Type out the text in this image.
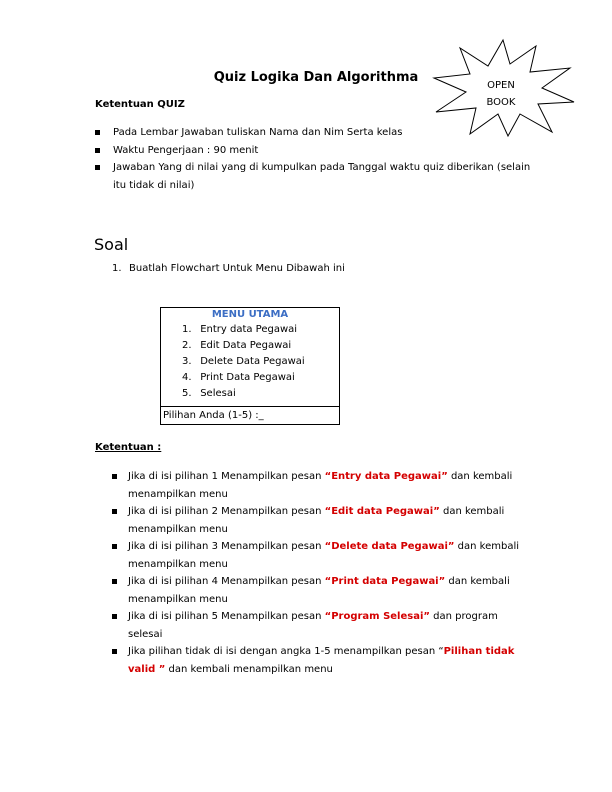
Quiz Logika Dan Algorithma
OPEN
BOOK
Ketentuan QUIZ
Pada Lembar Jawaban tuliskan Nama dan Nim Serta kelas
Waktu Pengerjaan : 90 menit
Jawaban Yang di nilai yang di kumpulkan pada Tanggal waktu quiz diberikan (selain itu tidak di nilai)
Soal
1. Buatlah Flowchart Untuk Menu Dibawah ini
MENU UTAMA
1. Entry data Pegawai
2. Edit Data Pegawai
3. Delete Data Pegawai
4. Print Data Pegawai
5. Selesai
Pilihan Anda (1-5) :_
Ketentuan :
Jika di isi pilihan 1 Menampilkan pesan “Entry data Pegawai” dan kembali menampilkan menu
Jika di isi pilihan 2 Menampilkan pesan “Edit data Pegawai” dan kembali menampilkan menu
Jika di isi pilihan 3 Menampilkan pesan “Delete data Pegawai” dan kembali menampilkan menu
Jika di isi pilihan 4 Menampilkan pesan “Print data Pegawai” dan kembali menampilkan menu
Jika di isi pilihan 5 Menampilkan pesan “Program Selesai” dan program selesai
Jika pilihan tidak di isi dengan angka 1-5 menampilkan pesan “Pilihan tidak valid ” dan kembali menampilkan menu
